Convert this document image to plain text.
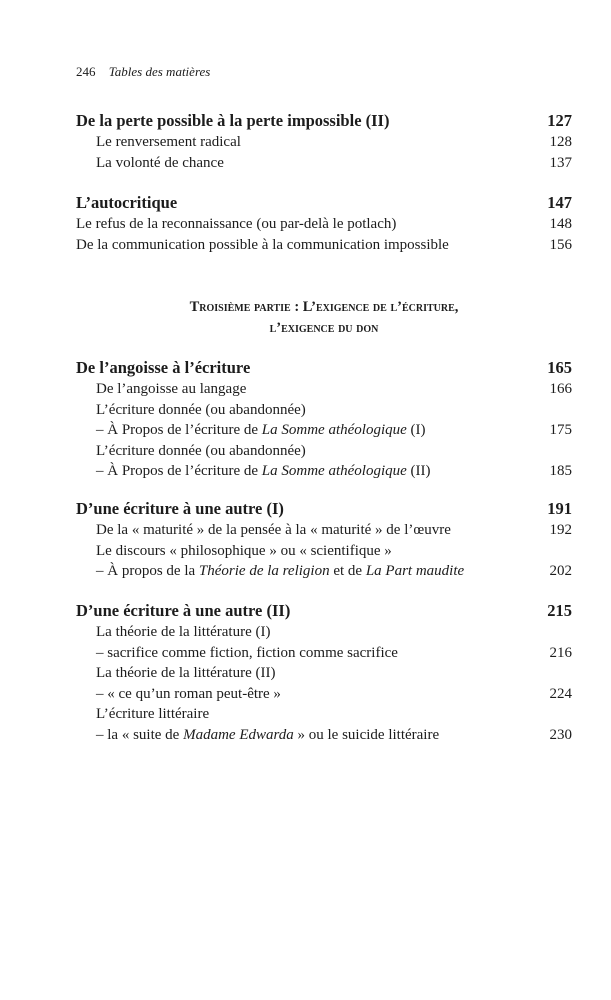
246 Tables des matières
De la perte possible à la perte impossible (II)	127
Le renversement radical	128
La volonté de chance	137
L’autocritique	147
Le refus de la reconnaissance (ou par-delà le potlach)	148
De la communication possible à la communication impossible	156
Troisième partie : L’exigence de l’écriture,
l’exigence du don
De l’angoisse à l’écriture	165
De l’angoisse au langage	166
L’écriture donnée (ou abandonnée)
– À Propos de l’écriture de La Somme athéologique (I)	175
L’écriture donnée (ou abandonnée)
– À Propos de l’écriture de La Somme athéologique (II)	185
D’une écriture à une autre (I)	191
De la « maturité » de la pensée à la « maturité » de l’œuvre	192
Le discours « philosophique » ou « scientifique »
– À propos de la Théorie de la religion et de La Part maudite	202
D’une écriture à une autre (II)	215
La théorie de la littérature (I)
– sacrifice comme fiction, fiction comme sacrifice	216
La théorie de la littérature (II)
– « ce qu’un roman peut-être »	224
L’écriture littéraire
– la « suite de Madame Edwarda » ou le suicide littéraire	230
